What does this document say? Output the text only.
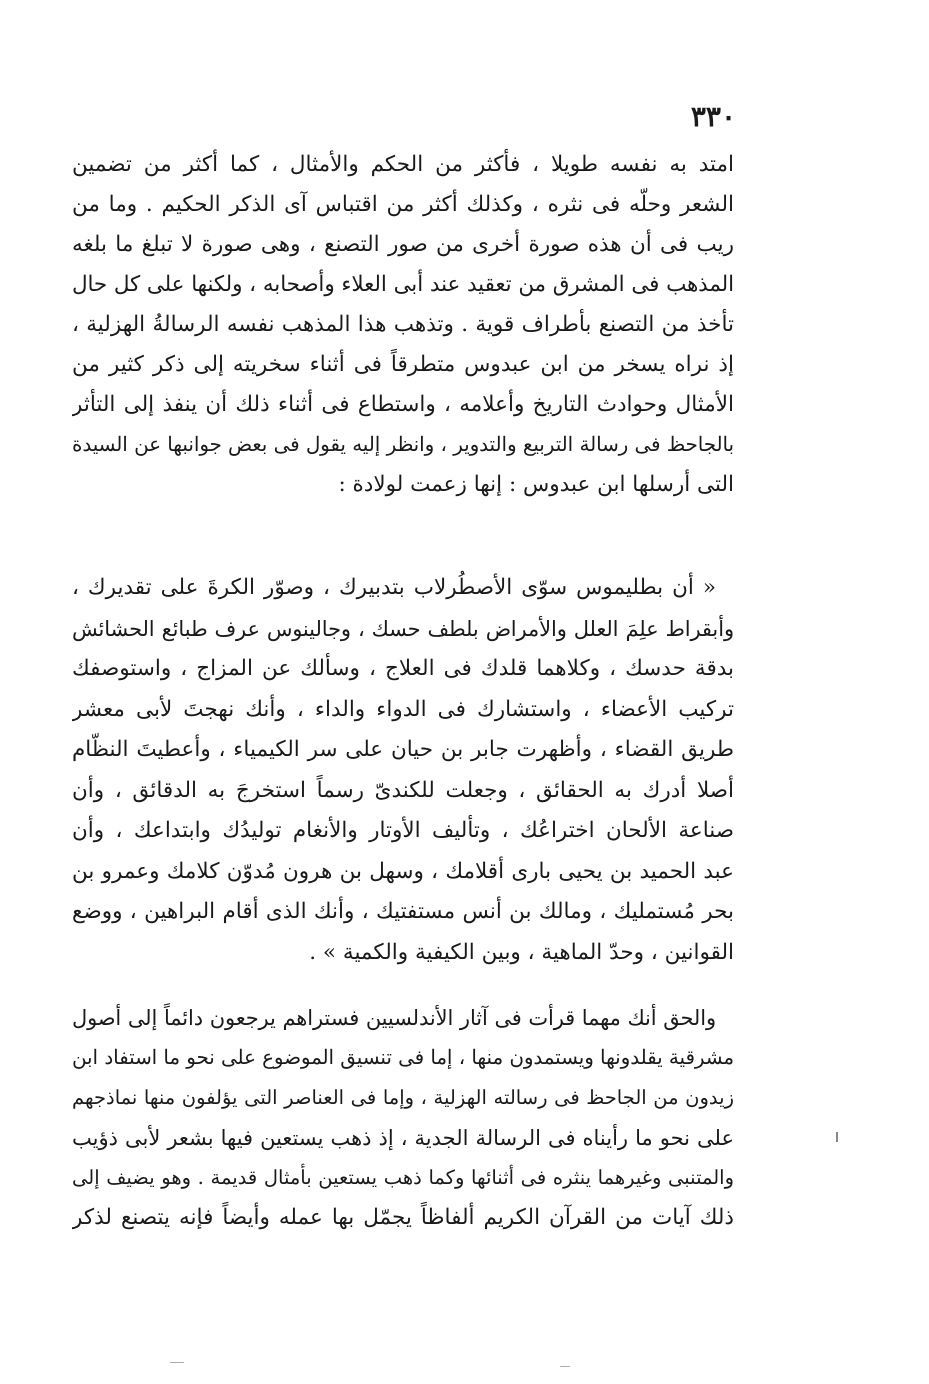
٣٣٠
امتد به نفسه طويلا ، فأكثر من الحكم والأمثال ، كما أكثر من تضمين
الشعر وحلّه فى نثره ، وكذلك أكثر من اقتباس آى الذكر الحكيم . وما من
ريب فى أن هذه صورة أخرى من صور التصنع ، وهى صورة لا تبلغ ما بلغه
المذهب فى المشرق من تعقيد عند أبى العلاء وأصحابه ، ولكنها على كل حال
تأخذ من التصنع بأطراف قوية . وتذهب هذا المذهب نفسه الرسالةُ الهزلية ،
إذ نراه يسخر من ابن عبدوس متطرقاً فى أثناء سخريته إلى ذكر كثير من
الأمثال وحوادث التاريخ وأعلامه ، واستطاع فى أثناء ذلك أن ينفذ إلى التأثر
بالجاحظ فى رسالة التربيع والتدوير ، وانظر إليه يقول فى بعض جوانبها عن السيدة
التى أرسلها ابن عبدوس : إنها زعمت لولادة :
« أن بطليموس سوّى الأصطُرلاب بتدبيرك ، وصوّر الكرةَ على تقديرك ،
وأبقراط علِمَ العلل والأمراض بلطف حسك ، وجالينوس عرف طبائع الحشائش
بدقة حدسك ، وكلاهما قلدك فى العلاج ، وسألك عن المزاج ، واستوصفك
تركيب الأعضاء ، واستشارك فى الدواء والداء ، وأنك نهجتَ لأبى معشر
طريق القضاء ، وأظهرت جابر بن حيان على سر الكيمياء ، وأعطيتَ النظّام
أصلا أدرك به الحقائق ، وجعلت للكندىّ رسماً استخرجَ به الدقائق ، وأن
صناعة الألحان اختراعُك ، وتأليف الأوتار والأنغام توليدُك وابتداعك ، وأن
عبد الحميد بن يحيى بارى أقلامك ، وسهل بن هرون مُدوّن كلامك وعمرو بن
بحر مُستمليك ، ومالك بن أنس مستفتيك ، وأنك الذى أقام البراهين ، ووضع
القوانين ، وحدّ الماهية ، وبين الكيفية والكمية » .
والحق أنك مهما قرأت فى آثار الأندلسيين فستراهم يرجعون دائماً إلى أصول
مشرقية يقلدونها ويستمدون منها ، إما فى تنسيق الموضوع على نحو ما استفاد ابن
زيدون من الجاحظ فى رسالته الهزلية ، وإما فى العناصر التى يؤلفون منها نماذجهم
على نحو ما رأيناه فى الرسالة الجدية ، إذ ذهب يستعين فيها بشعر لأبى ذؤيب
والمتنبى وغيرهما ينثره فى أثنائها وكما ذهب يستعين بأمثال قديمة . وهو يضيف إلى
ذلك آيات من القرآن الكريم ألفاظاً يجمّل بها عمله وأيضاً فإنه يتصنع لذكر
